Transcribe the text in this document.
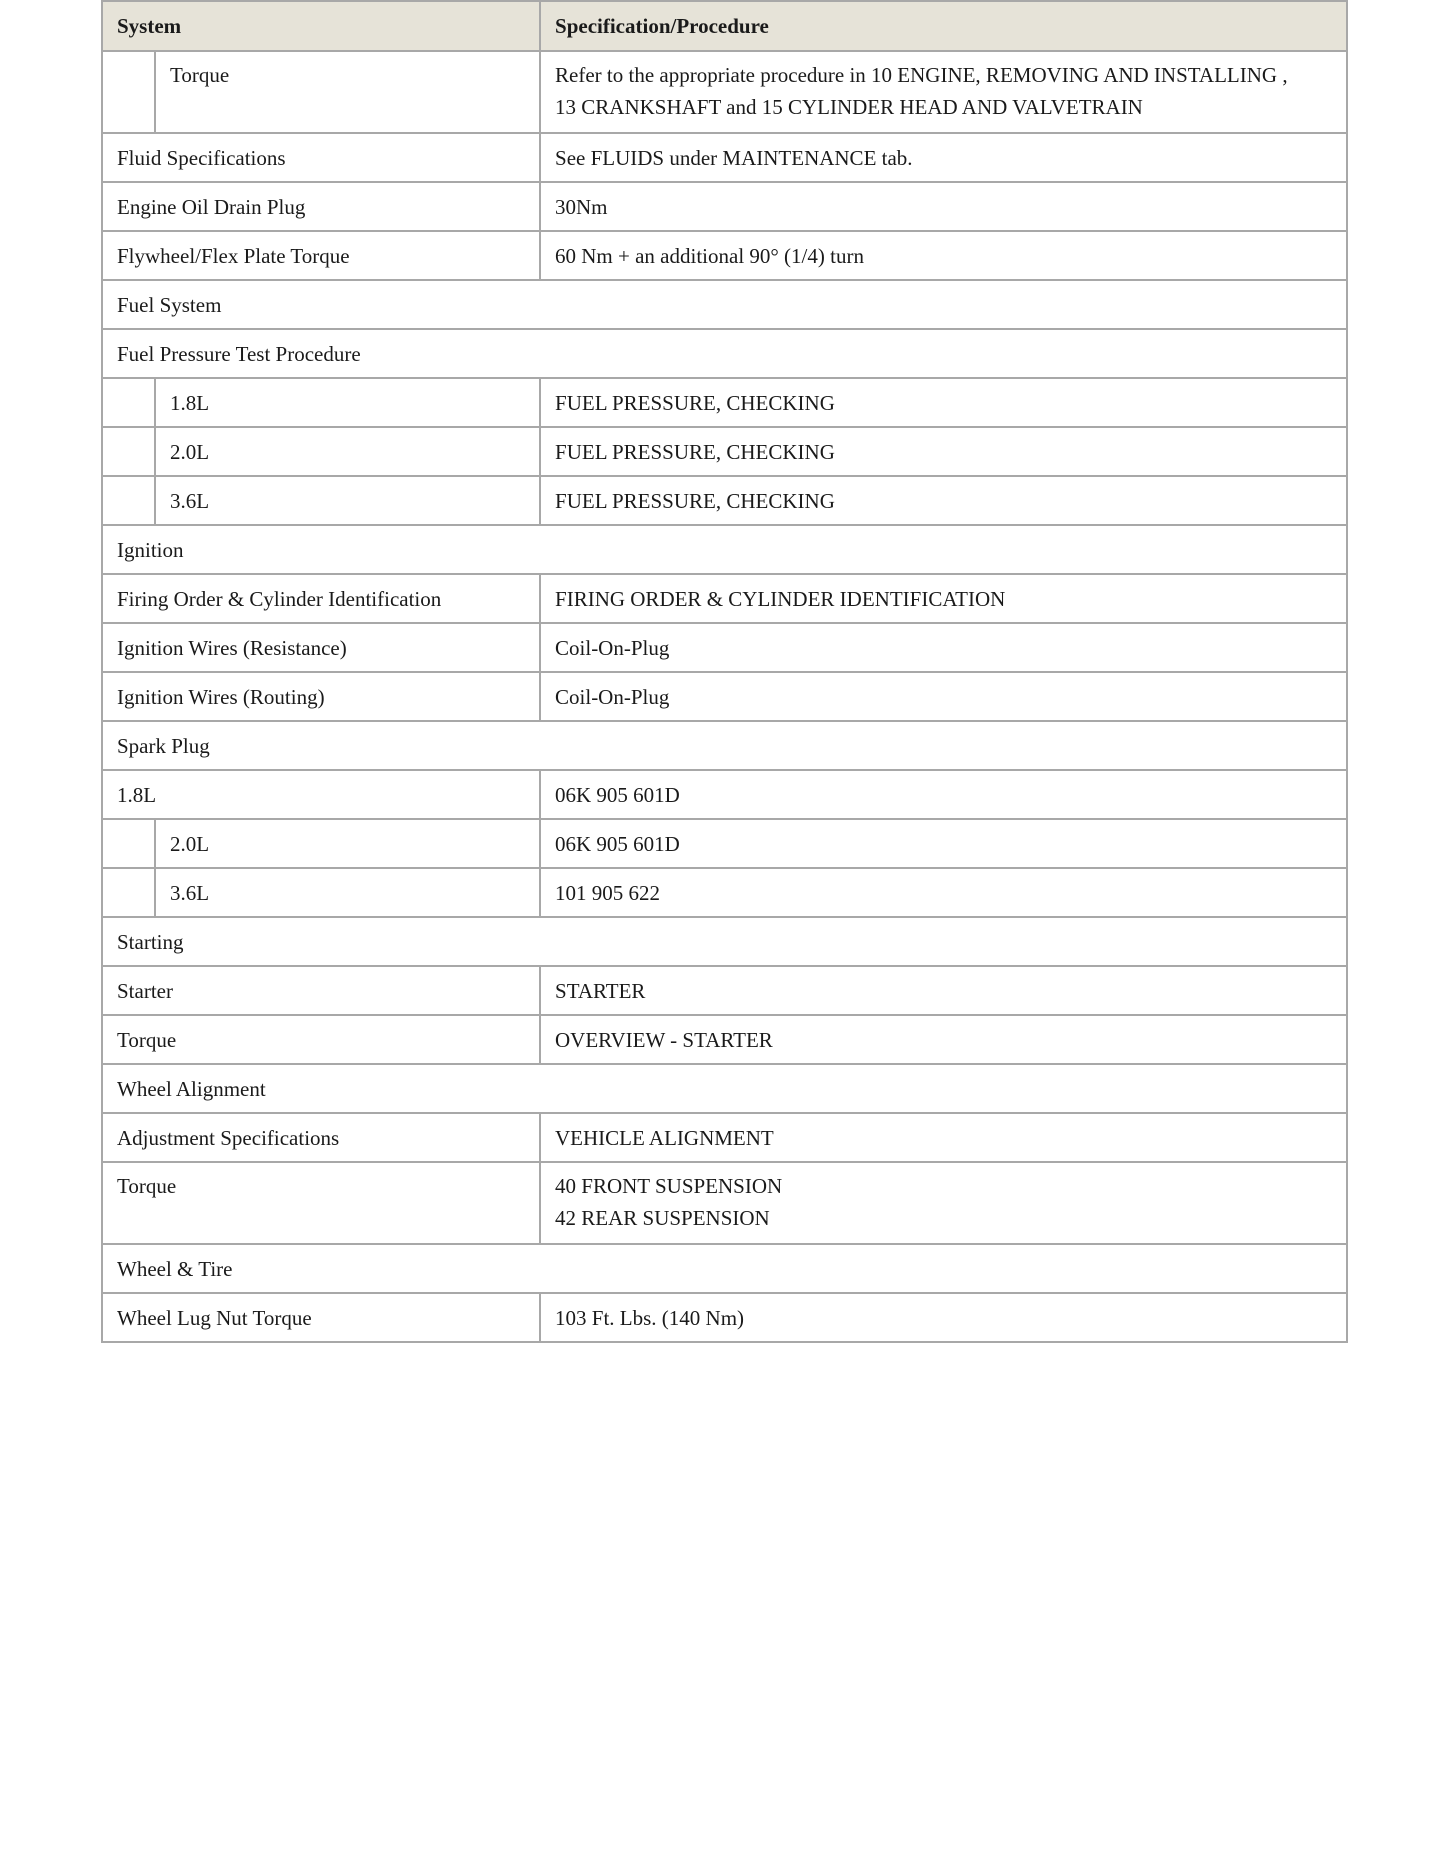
System		Specification/Procedure
	Torque	Refer to the appropriate procedure in 10 ENGINE, REMOVING AND INSTALLING ,
13 CRANKSHAFT and 15 CYLINDER HEAD AND VALVETRAIN

Fluid Specifications		See FLUIDS under MAINTENANCE tab.
Engine Oil Drain Plug		30Nm
Flywheel/Flex Plate Torque		60 Nm + an additional 90° (1/4) turn
Fuel System		
Fuel Pressure Test Procedure		
	1.8L	FUEL PRESSURE, CHECKING
	2.0L	FUEL PRESSURE, CHECKING
	3.6L	FUEL PRESSURE, CHECKING
Ignition		
Firing Order & Cylinder Identification		FIRING ORDER & CYLINDER IDENTIFICATION
Ignition Wires (Resistance)		Coil-On-Plug
Ignition Wires (Routing)		Coil-On-Plug
Spark Plug		
1.8L		06K 905 601D
	2.0L	06K 905 601D
	3.6L	101 905 622
Starting		
Starter		STARTER
Torque		OVERVIEW - STARTER
Wheel Alignment		
Adjustment Specifications		VEHICLE ALIGNMENT
Torque		40 FRONT SUSPENSION
42 REAR SUSPENSION

Wheel & Tire		
Wheel Lug Nut Torque		103 Ft. Lbs. (140 Nm)
